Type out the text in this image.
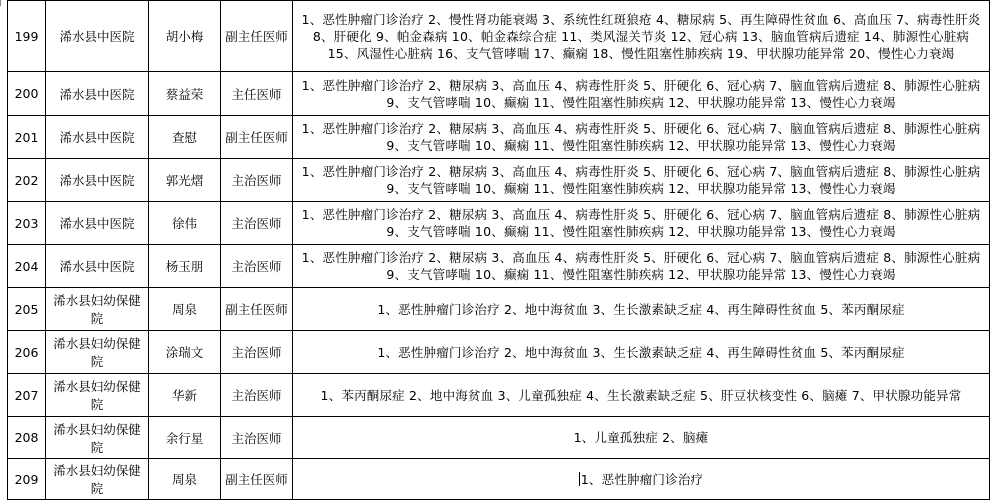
199	浠水县中医院	胡小梅	副主任医师	1、恶性肿瘤门诊治疗 2、慢性肾功能衰竭 3、系统性红斑狼疮 4、糖尿病 5、再生障碍性贫血 6、高血压 7、病毒性肝炎 8、肝硬化 9、帕金森病 10、帕金森综合症 11、类风湿关节炎 12、冠心病 13、脑血管病后遗症 14、肺源性心脏病 15、风湿性心脏病 16、支气管哮喘 17、癫痫 18、慢性阻塞性肺疾病 19、甲状腺功能异常 20、慢性心力衰竭
200	浠水县中医院	蔡益荣	主任医师	1、恶性肿瘤门诊治疗 2、糖尿病 3、高血压 4、病毒性肝炎 5、肝硬化 6、冠心病 7、脑血管病后遗症 8、肺源性心脏病 9、支气管哮喘 10、癫痫 11、慢性阻塞性肺疾病 12、甲状腺功能异常 13、慢性心力衰竭
201	浠水县中医院	查慰	副主任医师	1、恶性肿瘤门诊治疗 2、糖尿病 3、高血压 4、病毒性肝炎 5、肝硬化 6、冠心病 7、脑血管病后遗症 8、肺源性心脏病 9、支气管哮喘 10、癫痫 11、慢性阻塞性肺疾病 12、甲状腺功能异常 13、慢性心力衰竭
202	浠水县中医院	郭光熠	主治医师	1、恶性肿瘤门诊治疗 2、糖尿病 3、高血压 4、病毒性肝炎 5、肝硬化 6、冠心病 7、脑血管病后遗症 8、肺源性心脏病 9、支气管哮喘 10、癫痫 11、慢性阻塞性肺疾病 12、甲状腺功能异常 13、慢性心力衰竭
203	浠水县中医院	徐伟	主治医师	1、恶性肿瘤门诊治疗 2、糖尿病 3、高血压 4、病毒性肝炎 5、肝硬化 6、冠心病 7、脑血管病后遗症 8、肺源性心脏病 9、支气管哮喘 10、癫痫 11、慢性阻塞性肺疾病 12、甲状腺功能异常 13、慢性心力衰竭
204	浠水县中医院	杨玉朋	主治医师	1、恶性肿瘤门诊治疗 2、糖尿病 3、高血压 4、病毒性肝炎 5、肝硬化 6、冠心病 7、脑血管病后遗症 8、肺源性心脏病 9、支气管哮喘 10、癫痫 11、慢性阻塞性肺疾病 12、甲状腺功能异常 13、慢性心力衰竭
205	浠水县妇幼保健院	周泉	副主任医师	1、恶性肿瘤门诊治疗 2、地中海贫血 3、生长激素缺乏症 4、再生障碍性贫血 5、苯丙酮尿症
206	浠水县妇幼保健院	涂瑞文	主治医师	1、恶性肿瘤门诊治疗 2、地中海贫血 3、生长激素缺乏症 4、再生障碍性贫血 5、苯丙酮尿症
207	浠水县妇幼保健院	华新	主治医师	1、苯丙酮尿症 2、地中海贫血 3、儿童孤独症 4、生长激素缺乏症 5、肝豆状核变性 6、脑瘫 7、甲状腺功能异常
208	浠水县妇幼保健院	余行星	主治医师	1、儿童孤独症 2、脑瘫
209	浠水县妇幼保健院	周泉	副主任医师	1、恶性肿瘤门诊治疗
